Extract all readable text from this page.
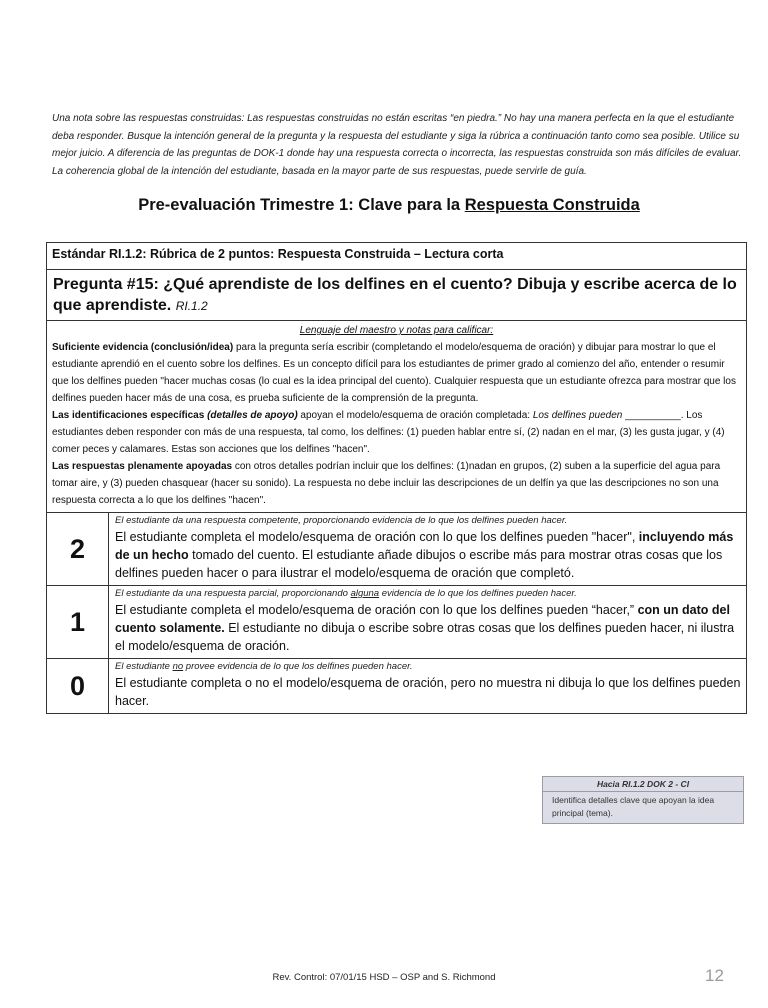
Una nota sobre las respuestas construidas: Las respuestas construidas no están escritas “en piedra.” No hay una manera perfecta en la que el estudiante deba responder. Busque la intención general de la pregunta y la respuesta del estudiante y siga la rúbrica a continuación tanto como sea posible. Utilice su mejor juicio. A diferencia de las preguntas de DOK-1 donde hay una respuesta correcta o incorrecta, las respuestas construida son más difíciles de evaluar. La coherencia global de la intención del estudiante, basada en la mayor parte de sus respuestas, puede servirle de guía.
Pre-evaluación Trimestre 1: Clave para la Respuesta Construida
Estándar RI.1.2: Rúbrica de 2 puntos: Respuesta Construida – Lectura corta	
Pregunta #15: ¿Qué aprendiste de los delfines en el cuento? Dibuja y escribe acerca de lo que aprendiste. RI.1.2	

Lenguaje del maestro y notas para calificar:
Suficiente evidencia (conclusión/idea) para la pregunta sería escribir (completando el modelo/esquema de oración) y dibujar para mostrar lo que el estudiante aprendió en el cuento sobre los delfines. Es un concepto difícil para los estudiantes de primer grado al comienzo del año, entender o resumir que los delfines pueden "hacer muchas cosas (lo cual es la idea principal del cuento). Cualquier respuesta que un estudiante ofrezca para mostrar que los delfines pueden hacer más de una cosa, es prueba suficiente de la comprensión de la pregunta.
Las identificaciones específicas (detalles de apoyo) apoyan el modelo/esquema de oración completada: Los delfines pueden __________. Los estudiantes deben responder con más de una respuesta, tal como, los delfines: (1) pueden hablar entre sí, (2) nadan en el mar, (3) les gusta jugar, y (4) comer peces y calamares. Estas son acciones que los delfines "hacen".
Las respuestas plenamente apoyadas con otros detalles podrían incluir que los delfines: (1)nadan en grupos, (2) suben a la superficie del agua para tomar aire, y (3) pueden chasquear (hacer su sonido). La respuesta no debe incluir las descripciones de un delfín ya que las descripciones no son una respuesta correcta a lo que los delfines "hacen".	

2	El estudiante da una respuesta competente, proporcionando evidencia de lo que los delfines pueden hacer.
El estudiante completa el modelo/esquema de oración con lo que los delfines pueden "hacer", incluyendo más de un hecho tomado del cuento. El estudiante añade dibujos o escribe más para mostrar otras cosas que los delfines pueden hacer o para ilustrar el modelo/esquema de oración que completó.

1	El estudiante da una respuesta parcial, proporcionando alguna evidencia de lo que los delfines pueden hacer.
El estudiante completa el modelo/esquema de oración con lo que los delfines pueden “hacer,” con un dato del cuento solamente. El estudiante no dibuja o escribe sobre otras cosas que los delfines pueden hacer, ni ilustra el modelo/esquema de oración.

0	El estudiante no provee evidencia de lo que los delfines pueden hacer.
El estudiante completa o no el modelo/esquema de oración, pero no muestra ni dibuja lo que los delfines pueden hacer.
Hacia RI.1.2 DOK 2 - CI
Identifica detalles clave que apoyan la idea principal (tema).
Rev. Control: 07/01/15 HSD – OSP and S. Richmond	12
